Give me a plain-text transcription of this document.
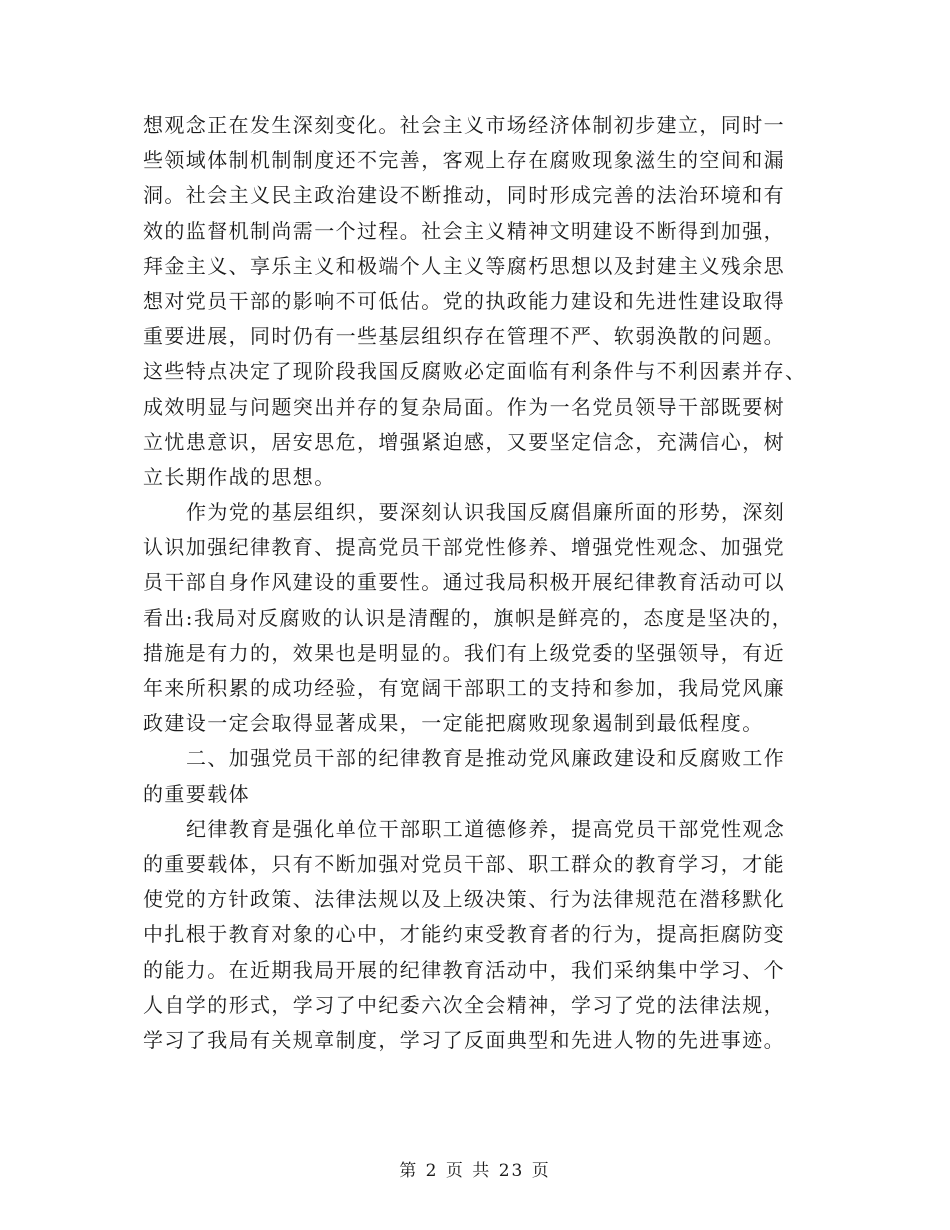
想观念正在发生深刻变化。社会主义市场经济体制初步建立，同时一
些领域体制机制制度还不完善，客观上存在腐败现象滋生的空间和漏
洞。社会主义民主政治建设不断推动，同时形成完善的法治环境和有
效的监督机制尚需一个过程。社会主义精神文明建设不断得到加强，
拜金主义、享乐主义和极端个人主义等腐朽思想以及封建主义残余思
想对党员干部的影响不可低估。党的执政能力建设和先进性建设取得
重要进展，同时仍有一些基层组织存在管理不严、软弱涣散的问题。
这些特点决定了现阶段我国反腐败必定面临有利条件与不利因素并存、
成效明显与问题突出并存的复杂局面。作为一名党员领导干部既要树
立忧患意识，居安思危，增强紧迫感，又要坚定信念，充满信心，树
立长期作战的思想。
作为党的基层组织，要深刻认识我国反腐倡廉所面的形势，深刻
认识加强纪律教育、提高党员干部党性修养、增强党性观念、加强党
员干部自身作风建设的重要性。通过我局积极开展纪律教育活动可以
看出:我局对反腐败的认识是清醒的，旗帜是鲜亮的，态度是坚决的，
措施是有力的，效果也是明显的。我们有上级党委的坚强领导，有近
年来所积累的成功经验，有宽阔干部职工的支持和参加，我局党风廉
政建设一定会取得显著成果，一定能把腐败现象遏制到最低程度。
二、加强党员干部的纪律教育是推动党风廉政建设和反腐败工作
的重要载体
纪律教育是强化单位干部职工道德修养，提高党员干部党性观念
的重要载体，只有不断加强对党员干部、职工群众的教育学习，才能
使党的方针政策、法律法规以及上级决策、行为法律规范在潜移默化
中扎根于教育对象的心中，才能约束受教育者的行为，提高拒腐防变
的能力。在近期我局开展的纪律教育活动中，我们采纳集中学习、个
人自学的形式，学习了中纪委六次全会精神，学习了党的法律法规，
学习了我局有关规章制度，学习了反面典型和先进人物的先进事迹。
第 2 页 共 23 页
